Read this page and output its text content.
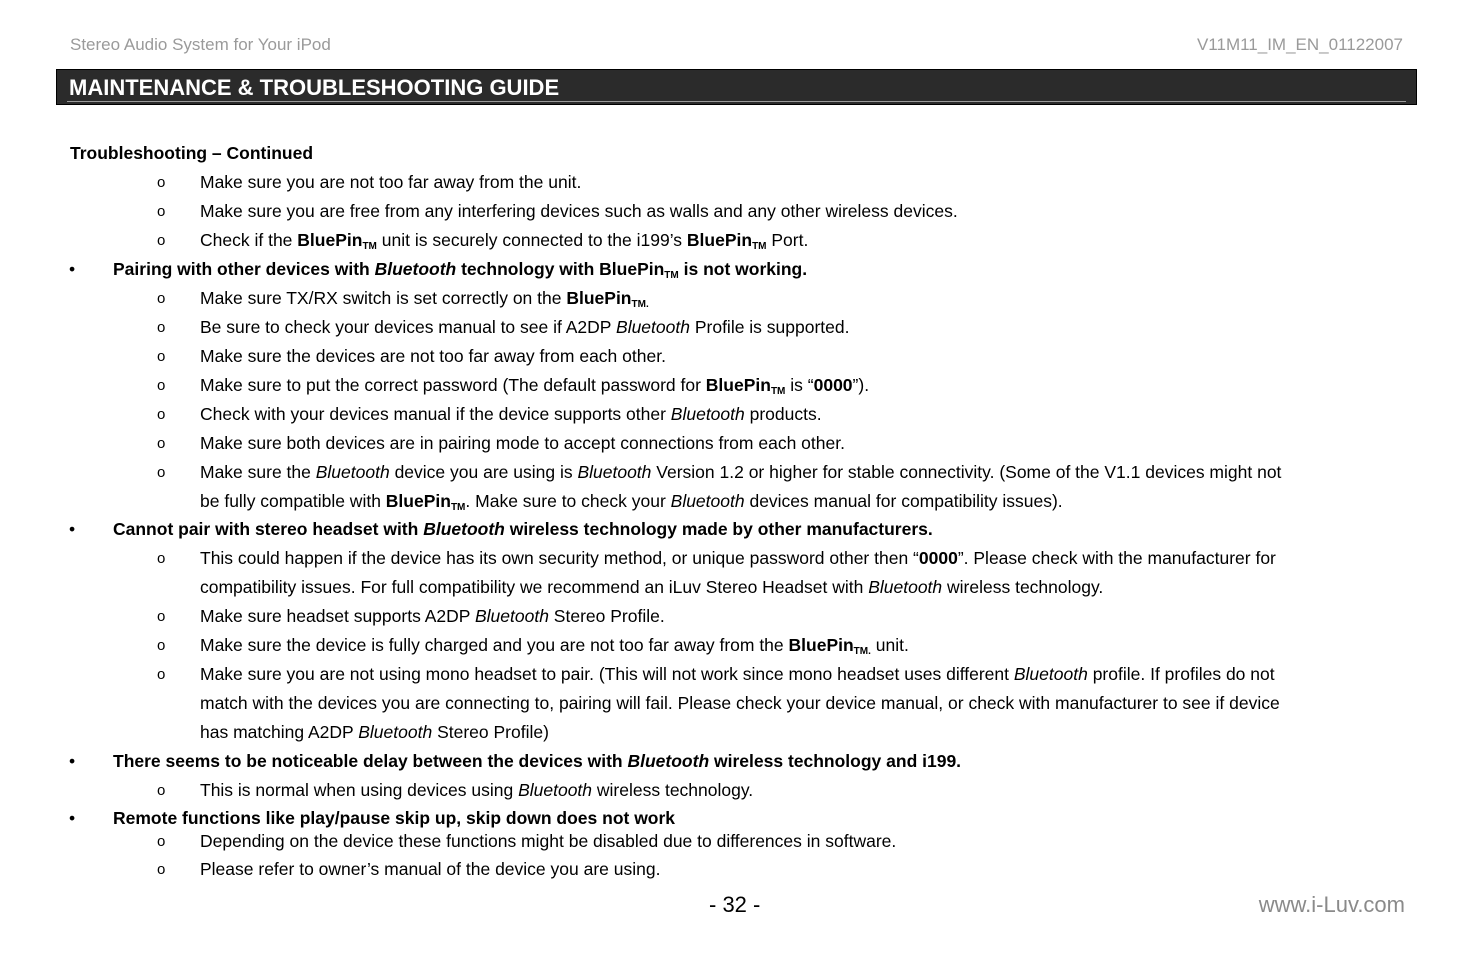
Stereo Audio System for Your iPod	V11M11_IM_EN_01122007
MAINTENANCE & TROUBLESHOOTING GUIDE
Troubleshooting – Continued
o Make sure you are not too far away from the unit.
o Make sure you are free from any interfering devices such as walls and any other wireless devices.
o Check if the BluePin$_{TM}$ unit is securely connected to the i199’s BluePin$_{TM}$ Port.
• Pairing with other devices with Bluetooth technology with BluePin$_{TM}$ is not working.
o Make sure TX/RX switch is set correctly on the BluePin$_{TM.}$
o Be sure to check your devices manual to see if A2DP Bluetooth Profile is supported.
o Make sure the devices are not too far away from each other.
o Make sure to put the correct password (The default password for BluePin$_{TM}$ is “0000”).
o Check with your devices manual if the device supports other Bluetooth products.
o Make sure both devices are in pairing mode to accept connections from each other.
o Make sure the Bluetooth device you are using is Bluetooth Version 1.2 or higher for stable connectivity. (Some of the V1.1 devices might not
be fully compatible with BluePin$_{TM}$. Make sure to check your Bluetooth devices manual for compatibility issues).
• Cannot pair with stereo headset with Bluetooth wireless technology made by other manufacturers.
o This could happen if the device has its own security method, or unique password other then “0000”. Please check with the manufacturer for
compatibility issues. For full compatibility we recommend an iLuv Stereo Headset with Bluetooth wireless technology.
o Make sure headset supports A2DP Bluetooth Stereo Profile.
o Make sure the device is fully charged and you are not too far away from the BluePin$_{TM.}$ unit.
o Make sure you are not using mono headset to pair. (This will not work since mono headset uses different Bluetooth profile. If profiles do not
match with the devices you are connecting to, pairing will fail. Please check your device manual, or check with manufacturer to see if device
has matching A2DP Bluetooth Stereo Profile)
• There seems to be noticeable delay between the devices with Bluetooth wireless technology and i199.
o This is normal when using devices using Bluetooth wireless technology.
• Remote functions like play/pause skip up, skip down does not work
o Depending on the device these functions might be disabled due to differences in software.
o Please refer to owner’s manual of the device you are using.
- 32 -	www.i-Luv.com
